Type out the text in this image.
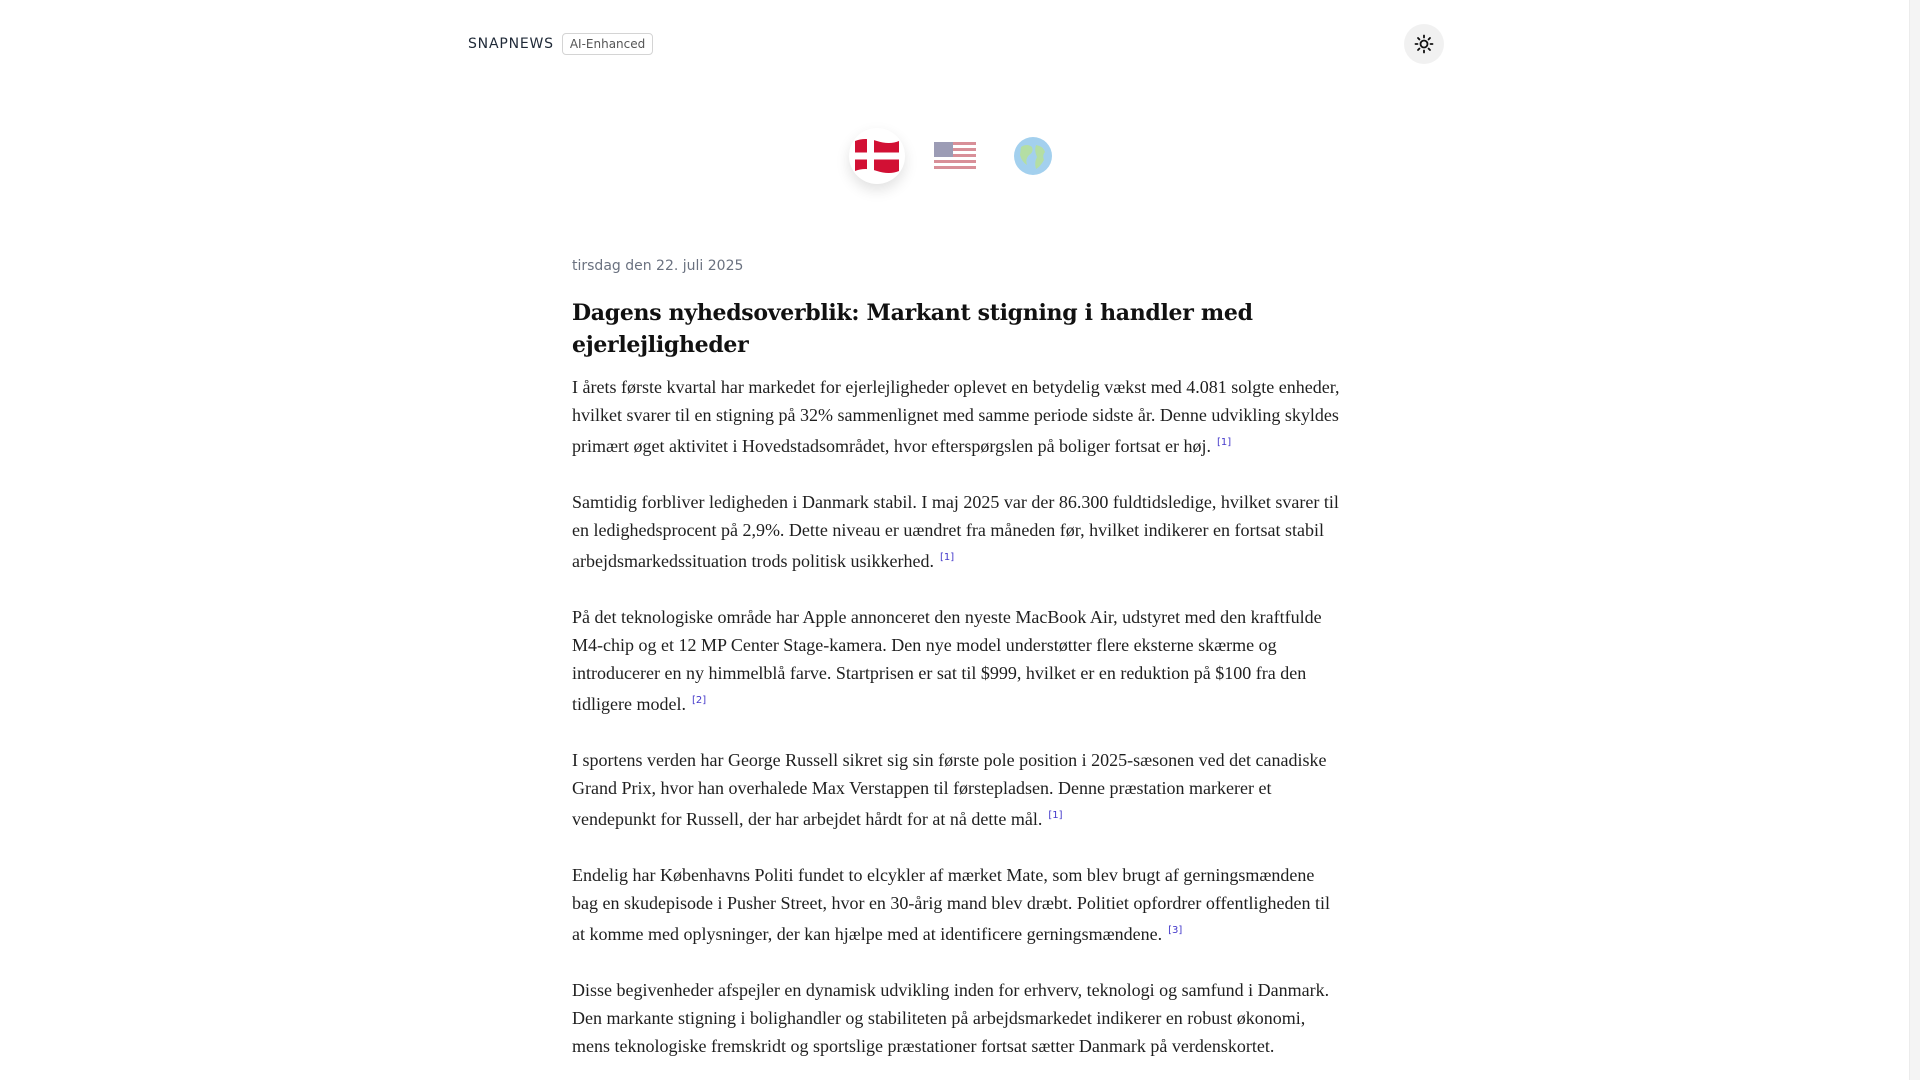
SNAPNEWS	AI-Enhanced

tirsdag den 22. juli 2025

Dagens nyhedsoverblik: Markant stigning i handler med ejerlejligheder

I årets første kvartal har markedet for ejerlejligheder oplevet en betydelig vækst med 4.081 solgte enheder, hvilket svarer til en stigning på 32% sammenlignet med samme periode sidste år. Denne udvikling skyldes primært øget aktivitet i Hovedstadsområdet, hvor efterspørgslen på boliger fortsat er høj. [1]

Samtidig forbliver ledigheden i Danmark stabil. I maj 2025 var der 86.300 fuldtidsledige, hvilket svarer til en ledighedsprocent på 2,9%. Dette niveau er uændret fra måneden før, hvilket indikerer en fortsat stabil arbejdsmarkedssituation trods politisk usikkerhed. [1]

På det teknologiske område har Apple annonceret den nyeste MacBook Air, udstyret med den kraftfulde M4-chip og et 12 MP Center Stage-kamera. Den nye model understøtter flere eksterne skærme og introducerer en ny himmelblå farve. Startprisen er sat til $999, hvilket er en reduktion på $100 fra den tidligere model. [2]

I sportens verden har George Russell sikret sig sin første pole position i 2025-sæsonen ved det canadiske Grand Prix, hvor han overhalede Max Verstappen til førstepladsen. Denne præstation markerer et vendepunkt for Russell, der har arbejdet hårdt for at nå dette mål. [1]

Endelig har Københavns Politi fundet to elcykler af mærket Mate, som blev brugt af gerningsmændene bag en skudepisode i Pusher Street, hvor en 30-årig mand blev dræbt. Politiet opfordrer offentligheden til at komme med oplysninger, der kan hjælpe med at identificere gerningsmændene. [3]

Disse begivenheder afspejler en dynamisk udvikling inden for erhverv, teknologi og samfund i Danmark. Den markante stigning i bolighandler og stabiliteten på arbejdsmarkedet indikerer en robust økonomi, mens teknologiske fremskridt og sportslige præstationer fortsat sætter Danmark på verdenskortet.
